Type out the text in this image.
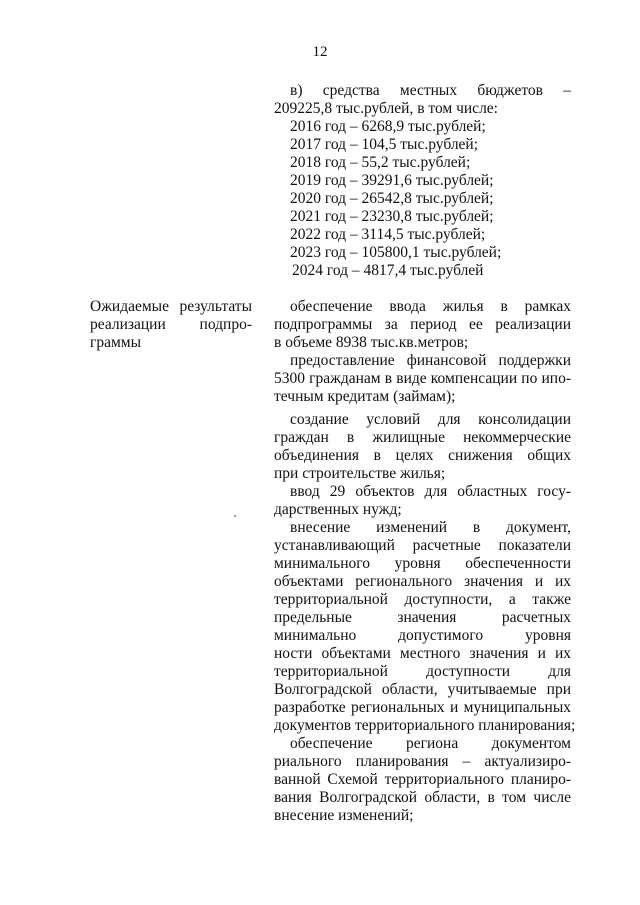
12
в) средства местных бюджетов –
209225,8 тыс.рублей, в том числе:
2016 год – 6268,9 тыс.рублей;
2017 год – 104,5 тыс.рублей;
2018 год – 55,2 тыс.рублей;
2019 год – 39291,6 тыс.рублей;
2020 год – 26542,8 тыс.рублей;
2021 год – 23230,8 тыс.рублей;
2022 год – 3114,5 тыс.рублей;
2023 год – 105800,1 тыс.рублей;
2024 год – 4817,4 тыс.рублей
Ожидаемые результаты
реализации подпро-
граммы
обеспечение ввода жилья в рамках
подпрограммы за период ее реализации
в объеме 8938 тыс.кв.метров;
предоставление финансовой поддержки
5300 гражданам в виде компенсации по ипо-
течным кредитам (займам);
создание условий для консолидации
граждан в жилищные некоммерческие
объединения в целях снижения общих
при строительстве жилья;
ввод 29 объектов для областных госу-
дарственных нужд;
внесение изменений в документ,
устанавливающий расчетные показатели
минимального уровня обеспеченности
объектами регионального значения и их
территориальной доступности, а также
предельные значения расчетных
минимально допустимого уровня
ности объектами местного значения и их
территориальной доступности для
Волгоградской области, учитываемые при
разработке региональных и муниципальных
документов территориального планирования;
обеспечение региона документом
риального планирования – актуализиро-
ванной Схемой территориального планиро-
вания Волгоградской области, в том числе
внесение изменений;
